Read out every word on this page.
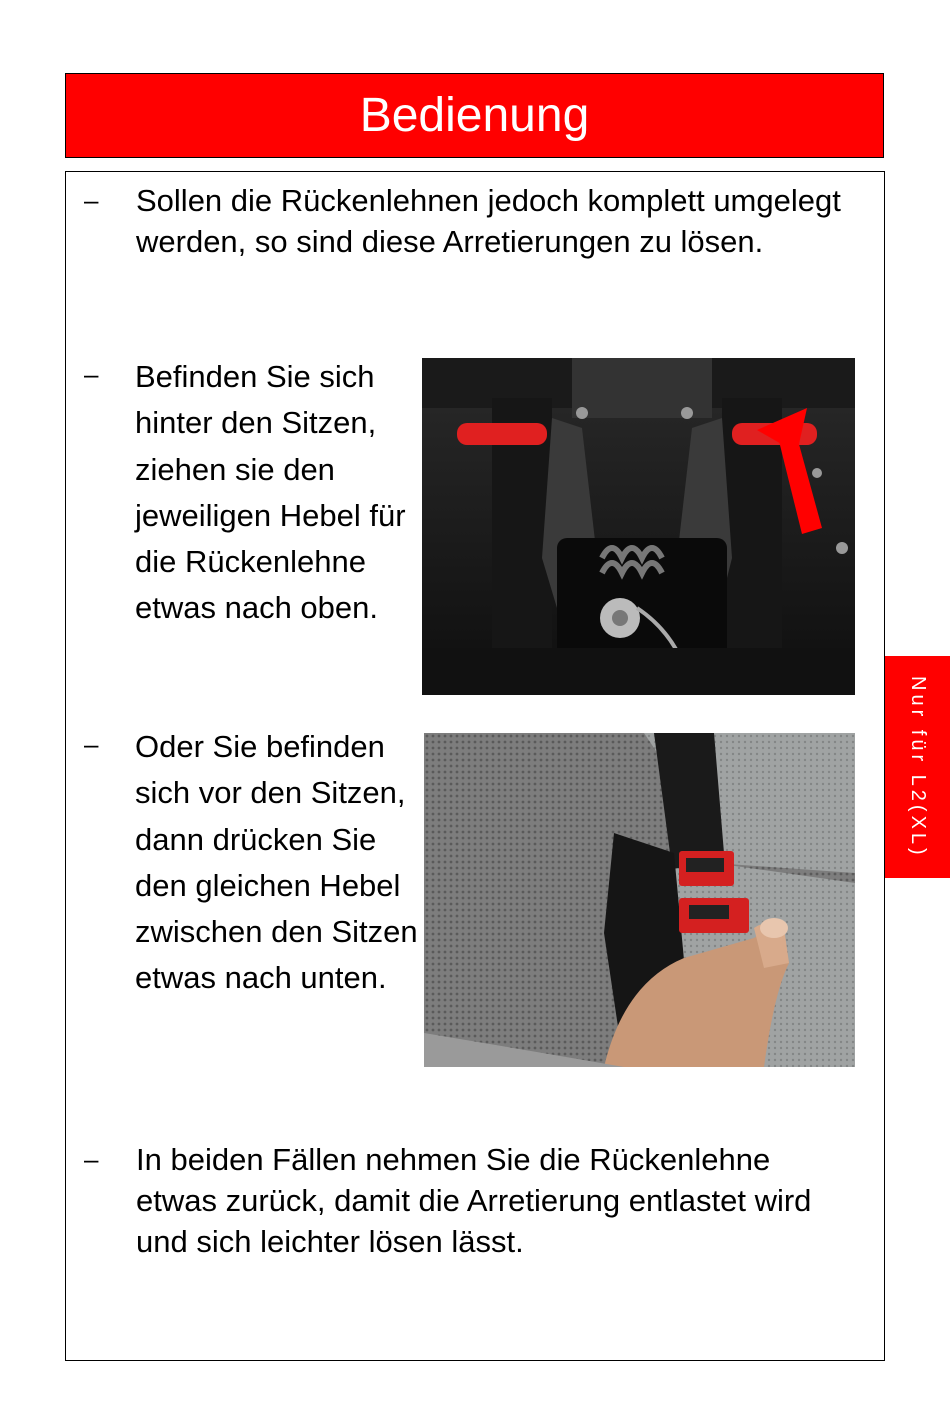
Bedienung
– Sollen die Rückenlehnen jedoch komplett umgelegt werden, so sind diese Arretierungen zu lösen.
– Befinden Sie sich hinter den Sitzen, ziehen sie den jeweiligen Hebel für die Rückenlehne etwas nach oben.
– Oder Sie befinden sich vor den Sitzen, dann drücken Sie den gleichen Hebel zwischen den Sitzen etwas nach unten.
– In beiden Fällen nehmen Sie die Rückenlehne etwas zurück, damit die Arretierung entlastet wird und sich leichter lösen lässt.
Nur für L2(XL)
